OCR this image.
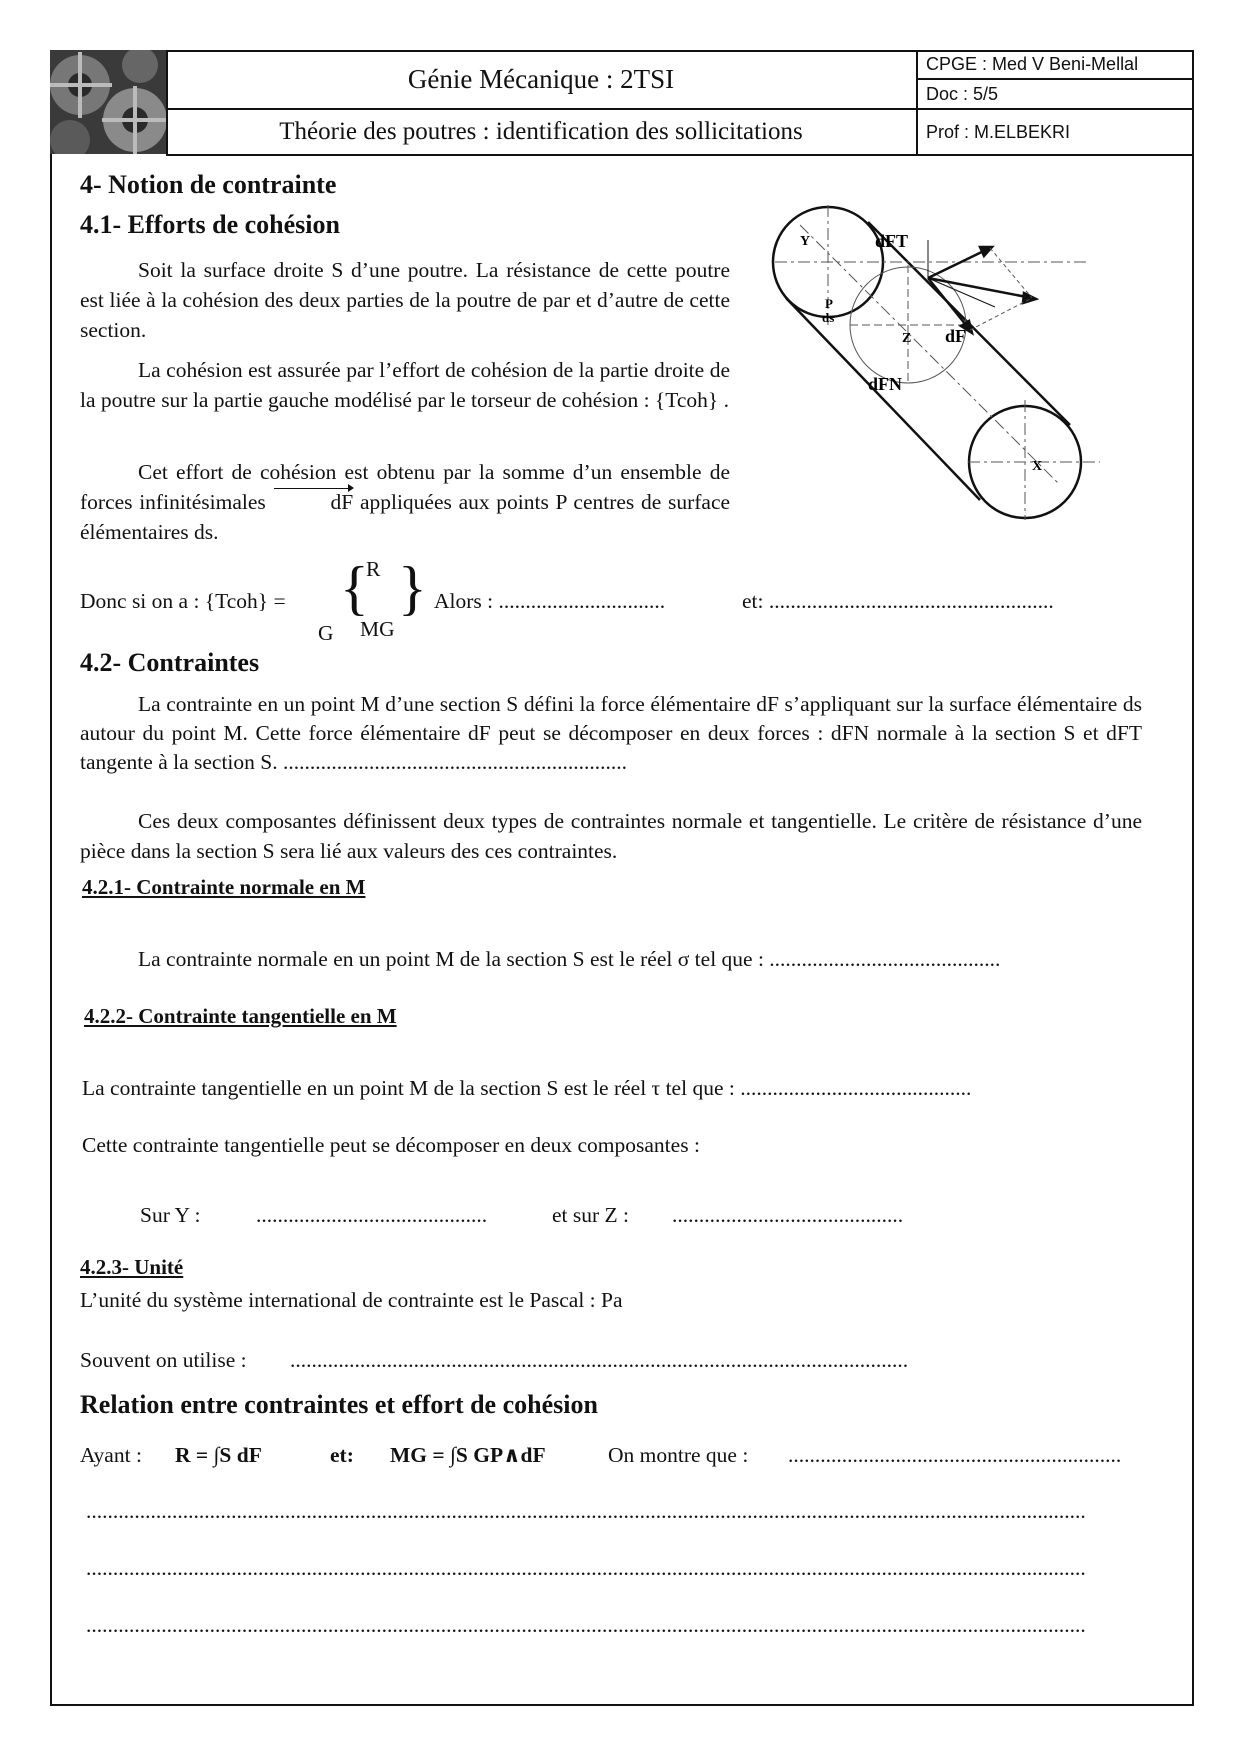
Génie Mécanique : 2TSI
Théorie des poutres : identification des sollicitations
CPGE : Med V Beni-Mellal
Doc : 5/5
Prof : M.ELBEKRI
4- Notion de contrainte
4.1- Efforts de cohésion
Soit la surface droite S d’une poutre. La résistance de cette poutre est liée à la cohésion des deux parties de la poutre de par et d’autre de cette section.
La cohésion est assurée par l’effort de cohésion de la partie droite de la poutre sur la partie gauche modélisé par le torseur de cohésion : {Tcoh} .
Cet effort de cohésion est obtenu par la somme d’un ensemble de forces infinitésimales	dF appliquées aux points P centres de surface élémentaires ds.
Y	dFT
P
ds
Z dF
dFN
X
Donc si on a : {Tcoh} = {
R
MG
G
} Alors : ...............................	et: .....................................................
4.2- Contraintes
La contrainte en un point M d’une section S défini la force élémentaire dF s’appliquant sur la surface élémentaire ds autour du point M. Cette force élémentaire dF peut se décomposer en deux forces : dFN normale à la section S et dFT tangente à la section S. ................................................................
Ces deux composantes définissent deux types de contraintes normale et tangentielle. Le critère de résistance d’une pièce dans la section S sera lié aux valeurs des ces contraintes.
4.2.1- Contrainte normale en M
La contrainte normale en un point M de la section S est le réel σ tel que : ...........................................
4.2.2- Contrainte tangentielle en M
La contrainte tangentielle en un point M de la section S est le réel τ tel que : ...........................................
Cette contrainte tangentielle peut se décomposer en deux composantes :
Sur Y :	...........................................	et sur Z : ...........................................
4.2.3- Unité
L’unité du système international de contrainte est le Pascal : Pa
Souvent on utilise : ...................................................................................................................
Relation entre contraintes et effort de cohésion
Ayant : R = ∫S dF	et: MG = ∫S GP∧dF	On montre que : ..............................................................
..........................................................................................................................................................................................
..........................................................................................................................................................................................
..........................................................................................................................................................................................
